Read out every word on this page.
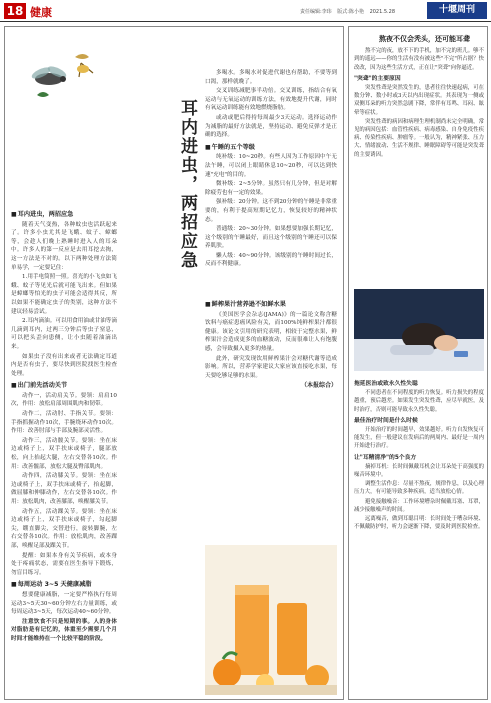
18 健康	责任编辑:李玮 版式:陈小艳 2021.5.28	十堰周刊
耳内进虫，两招应急

■ 耳内进虫，两招应急

随着天气变热，各种蚊虫也活跃起来了。许多小虫尤其是飞蛾、蚊子、蟑螂等，会趁人们晚上熟睡时进入人的耳朵中。许多人的第一反应是去用耳挖去掏，这一方法是不对的。以下两种处理方法简单易学，一定要记住：

1.用手电筒照一照。喜光的小飞虫如飞蛾、蚊子等见光后就可能飞出来。但如果是蟑螂等怕光的虫子可能会适得其反，所以如果不能确定虫子的类别，这种方法不建议轻易尝试。

2.耳内滴油。可以用食用油或甘油等滴几滴到耳内，过两三分钟后等虫子窒息，可以把头歪向患侧，让小虫随着油滴出来。

如果虫子没有出来或者无法确定耳道内是否有虫子，要尽快到医院找医生检查处理。

■ 出门前先活动关节

动作一，活动肩关节。要领：肩肩10次，作用：放松肩部周围肌肉和韧带。

动作二，活动肘、手指关节。要领：手指抓握动作10次，手腕绕环动作10次。作用：改善肘部与手部及腕部灵活性。

动作三，活动髋关节。要领：坐在床边或椅子上，双手扶床或椅子，腿部放松，向上抬起大腿，左右交替各10次。作用：改善髋部，放松大腿及臀部肌肉。

动作四，活动膝关节。要领：坐在床边或椅子上，双手扶床或椅子，抬起脚，做屈膝和伸膝动作，左右交替各10次。作用：放松肌肉，改善膝部，唤醒膝关节。

动作五，活动踝关节。要领：坐在床边或椅子上，双手扶床或椅子，勾起脚尖，绷直脚尖，交替进行，旋转脚腕，左右交替各10次。作用：放松肌肉，改善踝部，唤醒足部及踝关节。

提醒：如果本身有关节疾病，或本身处于疼痛状态，需要在医生指导下锻炼，勿盲目练习。

■ 每周运动 3~5 天健康减脂

想要健康减脂，一定要严格执行每周运动3~5天30~60分钟左右力量训练，或每周运动3~5天，每次运动40~60分钟。

注意饮食不只是短期的事。人的身体对脂肪是有记忆的，体重至少需要几个月时间才能维持在一个比较平稳的阶段。

多喝水。多喝水对促进代谢也有帮助，不要等到口渴，那样就晚了。

交叉训练减肥事半功倍。交叉训练，指结合有氧运动与无氧运动的训练方法，有效地提升代谢，同时有氧运动训练能有效地燃烧脂肪。

或动或肥后得持每周最少3天运动。选择运动作为减脂的最好方法就是，坚持运动、避免反弹才是正确的选择。

■ 午睡的五个等级

纯补级：10~20秒。有些人因为工作原因中午无法午睡，可以闭上眼睛休息10~20秒，可以达到快速"充电"的目的。

微补级：2~5分钟。虽然只有几分钟，但是对解除疲劳也有一定的效果。

强补级：20分钟。这不到20分钟的午睡是非常重要的，有利于提高短期记忆力，恢复较好的精神状态。

普通级：20~30分钟。如果想要加强长期记忆，这个级别的午睡最好，而且这个级别的午睡还可以保养肌肤。

懒人级：40~90分钟。该级别的午睡时间过长，反而不利健康。

■ 鲜榨果汁营养逊不如鲜水果

《美国医学会杂志(JAMA)》的一篇论文称含糖饮料与癌症患癌风险有关，而100%纯鲜榨果汁都很健康。该论文引用的研究表明，相较于完整水果，鲜榨果汁会造成更多的血糖波动，反而很难让人有饱腹感，会导致摄入更多的热量。

此外，研究发现饮用鲜榨果汁会对糖代谢等造成影响。所以，营养学家建议大家应该直接吃水果，每天要吃够足够的水果。

（本报综合）

熬夜不仅会秃头，还可能耳聋

熬不完的夜，放不下的手机，加不完的班儿。够不到的遥远——你的生活有没有被这些"不完"所占据？快改改，因为这些生活方式，正在让"突聋"向你逼近。

"突聋"的主要原因

突发性聋是突然发生的，患者往往快速起病，可在数分钟、数小时或3天以内出现症状。其表现为一侧或双侧耳朵的听力突然急剧下降，常伴有耳鸣、耳闷、眩晕等症状。

突发性聋的病因和病理生理机制尚未完全明确，常见的病因包括：血管性疾病、病毒感染、自身免疫性疾病、传染性疾病、肿瘤等。一般认为，精神紧张、压力大、情绪波动、生活不规律、睡眠障碍等可能是突发聋的主要诱因。

拖延医治或致永久性失聪

不同患者在不同程度的听力恢复。听力损失的程度越重，预后越差。如果发生突发性聋，应尽早就医，及时治疗，否则可能导致永久性失聪。

最佳治疗时间是什么时候

开始治疗的时间越早，效果越好。听力自发恢复可能发生，但一般建议在发病后的两周内、最好是一周内开始进行治疗。

让"耳精清净"的5个良方

摘掉耳机：长时间佩戴耳机会让耳朵处于高强度的噪音环境中。

调整生活作息：尽量不熬夜，规律作息，以及心理压力大，有可能导致多种疾病，适当放松心情。

避免接触噪音：工作环境嘈杂时佩戴耳塞、耳罩，减少接触噪声的时间。

远离噪音，做到耳聪目明：长时间处于嘈杂环境、不佩戴防护时，听力会逐渐下降，要及时到医院检查。
